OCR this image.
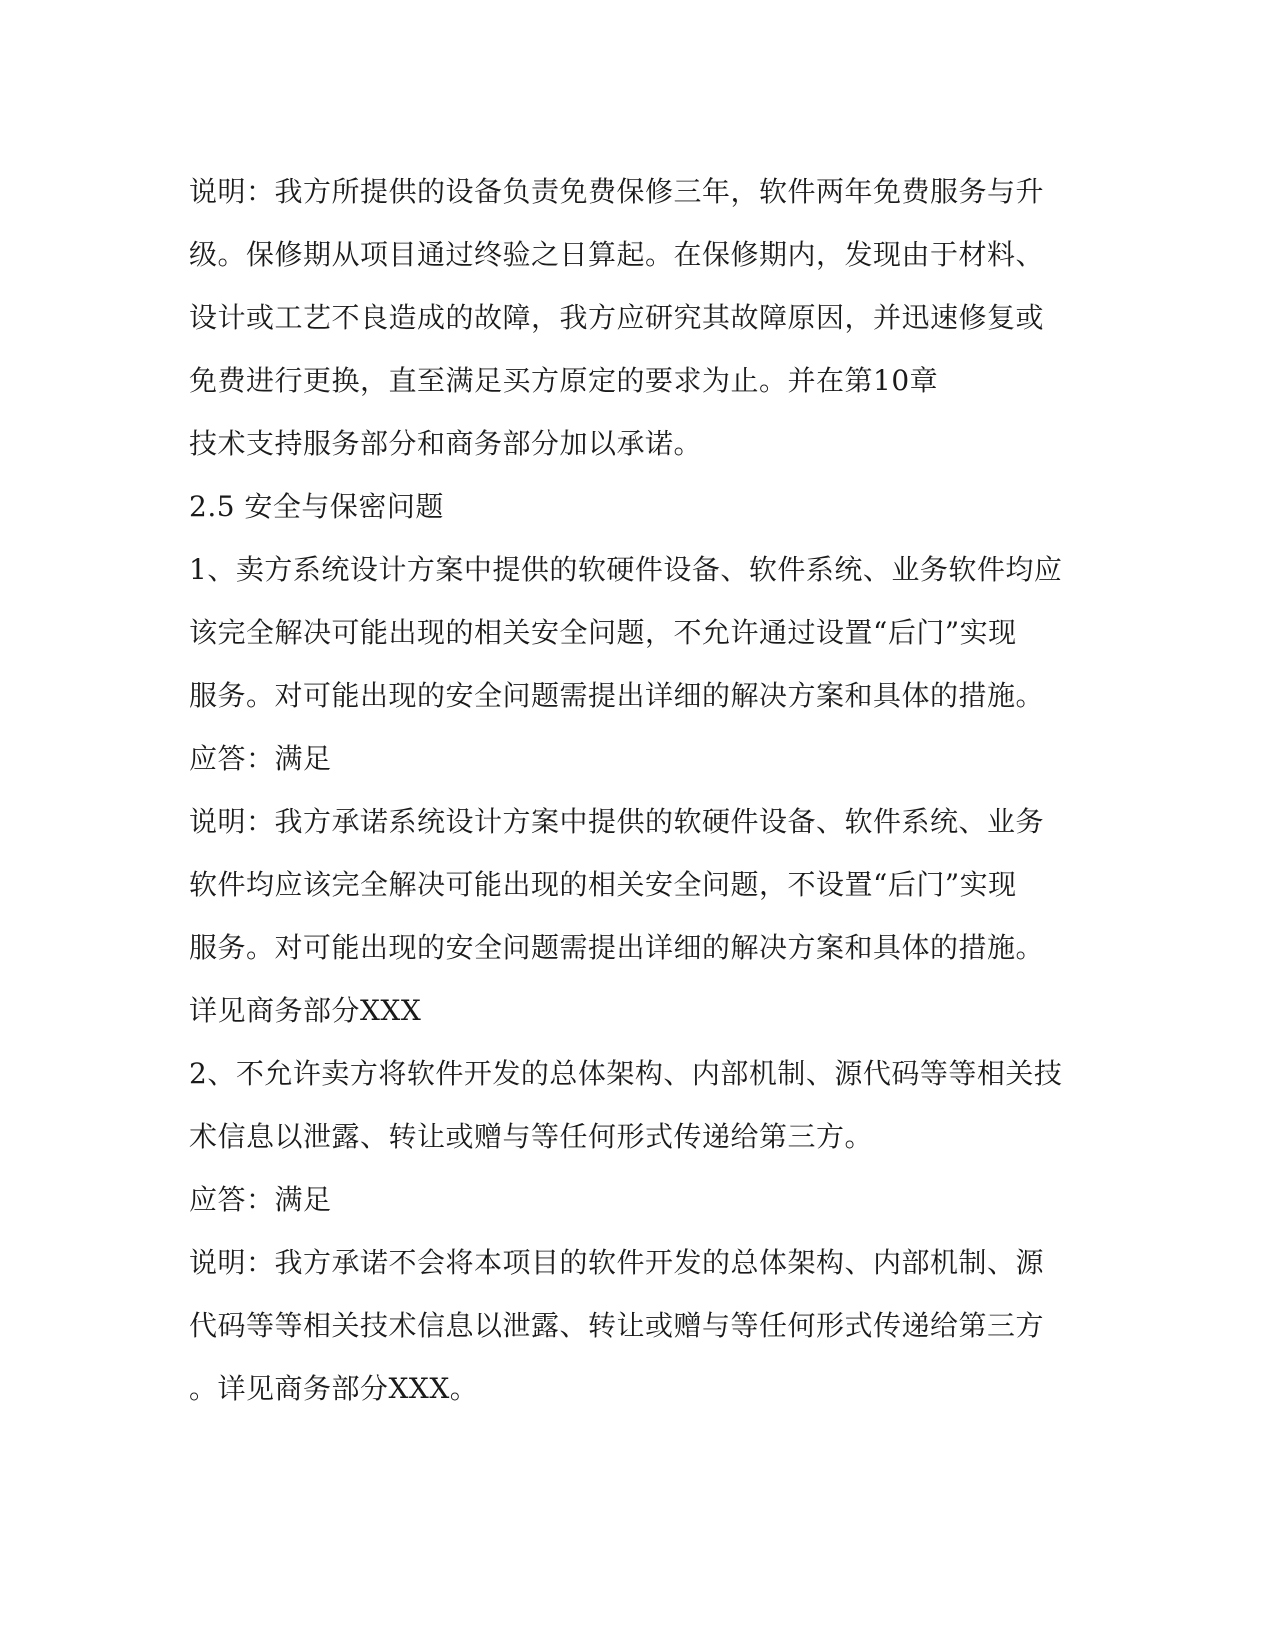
说明：我方所提供的设备负责免费保修三年，软件两年免费服务与升

级。保修期从项目通过终验之日算起。在保修期内，发现由于材料、

设计或工艺不良造成的故障，我方应研究其故障原因，并迅速修复或

免费进行更换，直至满足买方原定的要求为止。并在第10章

技术支持服务部分和商务部分加以承诺。

2.5 安全与保密问题

1、卖方系统设计方案中提供的软硬件设备、软件系统、业务软件均应

该完全解决可能出现的相关安全问题，不允许通过设置“后门”实现

服务。对可能出现的安全问题需提出详细的解决方案和具体的措施。

应答：满足

说明：我方承诺系统设计方案中提供的软硬件设备、软件系统、业务

软件均应该完全解决可能出现的相关安全问题，不设置“后门”实现

服务。对可能出现的安全问题需提出详细的解决方案和具体的措施。

详见商务部分XXX

2、不允许卖方将软件开发的总体架构、内部机制、源代码等等相关技

术信息以泄露、转让或赠与等任何形式传递给第三方。

应答：满足

说明：我方承诺不会将本项目的软件开发的总体架构、内部机制、源

代码等等相关技术信息以泄露、转让或赠与等任何形式传递给第三方

。详见商务部分XXX。
